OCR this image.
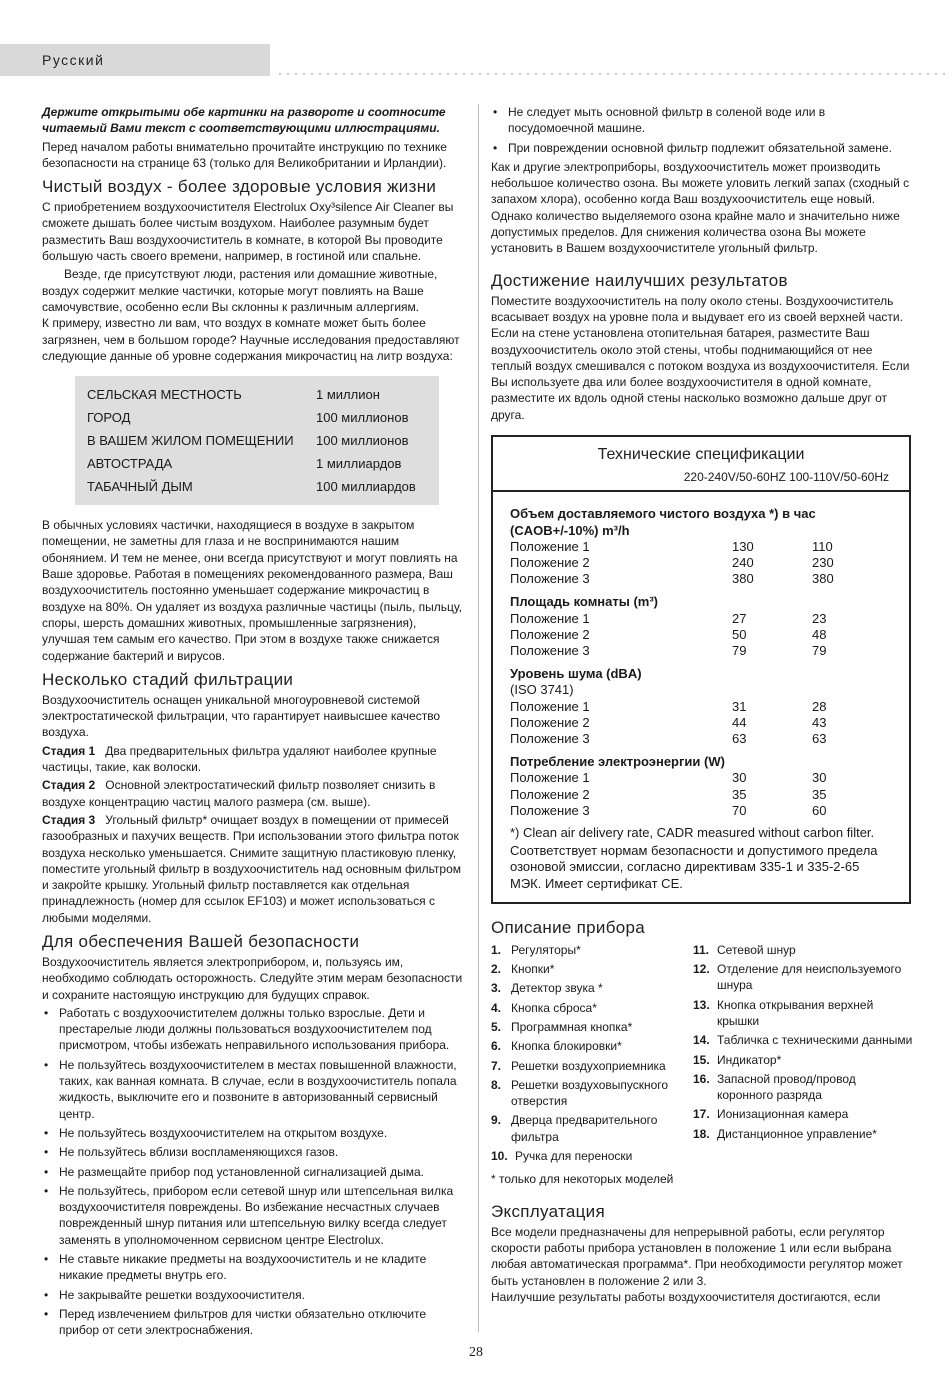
Русский

Держите открытыми обе картинки на развороте и соотносите читаемый Вами текст с соответствующими иллюстрациями.

Перед началом работы внимательно прочитайте инструкцию по технике безопасности на странице 63 (только для Великобритании и Ирландии).

Чистый воздух - более здоровые условия жизни

С приобретением воздухоочистителя Electrolux Oxy³silence Air Cleaner вы сможете дышать более чистым воздухом. Наиболее разумным будет разместить Ваш воздухоочиститель в комнате, в которой Вы проводите большую часть своего времени, например, в гостиной или спальне.

Везде, где присутствуют люди, растения или домашние животные, воздух содержит мелкие частички, которые могут повлиять на Ваше самочувствие, особенно если Вы склонны к различным аллергиям.

К примеру, известно ли вам, что воздух в комнате может быть более загрязнен, чем в большом городе? Научные исследования предоставляют следующие данные об уровне содержания микрочастиц на литр воздуха:

СЕЛЬСКАЯ МЕСТНОСТЬ	1 миллион
ГОРОД	100 миллионов
В ВАШЕМ ЖИЛОМ ПОМЕЩЕНИИ	100 миллионов
АВТОСТРАДА	1 миллиардов
ТАБАЧНЫЙ ДЫМ	100 миллиардов

В обычных условиях частички, находящиеся в воздухе в закрытом помещении, не заметны для глаза и не воспринимаются нашим обонянием. И тем не менее, они всегда присутствуют и могут повлиять на Ваше здоровье. Работая в помещениях рекомендованного размера, Ваш воздухоочиститель постоянно уменьшает содержание микрочастиц в воздухе на 80%. Он удаляет из воздуха различные частицы (пыль, пыльцу, споры, шерсть домашних животных, промышленные загрязнения), улучшая тем самым его качество. При этом в воздухе также снижается содержание бактерий и вирусов.

Несколько стадий фильтрации

Воздухоочиститель оснащен уникальной многоуровневой системой электростатической фильтрации, что гарантирует наивысшее качество воздуха.

Стадия 1 Два предварительных фильтра удаляют наиболее крупные частицы, такие, как волоски.

Стадия 2 Основной электростатический фильтр позволяет снизить в воздухе концентрацию частиц малого размера (см. выше).

Стадия 3 Угольный фильтр* очищает воздух в помещении от примесей газообразных и пахучих веществ. При использовании этого фильтра поток воздуха несколько уменьшается. Снимите защитную пластиковую пленку, поместите угольный фильтр в воздухоочиститель над основным фильтром и закройте крышку. Угольный фильтр поставляется как отдельная принадлежность (номер для ссылок EF103) и может использоваться с любыми моделями.

Для обеспечения Вашей безопасности

Воздухоочиститель является электроприбором, и, пользуясь им, необходимо соблюдать осторожность. Следуйте этим мерам безопасности и сохраните настоящую инструкцию для будущих справок.

• Работать с воздухоочистителем должны только взрослые. Дети и престарелые люди должны пользоваться воздухоочистителем под присмотром, чтобы избежать неправильного использования прибора.
• Не пользуйтесь воздухоочистителем в местах повышенной влажности, таких, как ванная комната. В случае, если в воздухоочиститель попала жидкость, выключите его и позвоните в авторизованный сервисный центр.
• Не пользуйтесь воздухоочистителем на открытом воздухе.
• Не пользуйтесь вблизи воспламеняющихся газов.
• Не размещайте прибор под установленной сигнализацией дыма.
• Не пользуйтесь, прибором если сетевой шнур или штепсельная вилка воздухоочистителя повреждены. Во избежание несчастных случаев поврежденный шнур питания или штепсельную вилку всегда следует заменять в уполномоченном сервисном центре Electrolux.
• Не ставьте никакие предметы на воздухоочиститель и не кладите никакие предметы внутрь его.
• Не закрывайте решетки воздухоочистителя.
• Перед извлечением фильтров для чистки обязательно отключите прибор от сети электроснабжения.
• Не следует мыть основной фильтр в соленой воде или в посудомоечной машине.
• При повреждении основной фильтр подлежит обязательной замене.

Как и другие электроприборы, воздухоочиститель может производить небольшое количество озона. Вы можете уловить легкий запах (сходный с запахом хлора), особенно когда Ваш воздухоочиститель еще новый. Однако количество выделяемого озона крайне мало и значительно ниже допустимых пределов. Для снижения количества озона Вы можете установить в Вашем воздухоочистителе угольный фильтр.

Достижение наилучших результатов

Поместите воздухоочиститель на полу около стены. Воздухоочиститель всасывает воздух на уровне пола и выдувает его из своей верхней части. Если на стене установлена отопительная батарея, разместите Ваш воздухоочиститель около этой стены, чтобы поднимающийся от нее теплый воздух смешивался с потоком воздуха из воздухоочистителя. Если Вы используете два или более воздухоочистителя в одной комнате, разместите их вдоль одной стены насколько возможно дальше друг от друга.

Технические спецификации
220-240V/50-60HZ 100-110V/50-60Hz
Объем доставляемого чистого воздуха *) в час (CAOB+/-10%) m³/h
Положение 1	130	110
Положение 2	240	230
Положение 3	380	380
Площадь комнаты (m³)
Положение 1	27	23
Положение 2	50	48
Положение 3	79	79
Уровень шума (dBA)
(ISO 3741)
Положение 1	31	28
Положение 2	44	43
Положение 3	63	63
Потребление электроэнергии (W)
Положение 1	30	30
Положение 2	35	35
Положение 3	70	60
*) Clean air delivery rate, CADR measured without carbon filter.
Соответствует нормам безопасности и допустимого предела озоновой эмиссии, согласно директивам 335-1 и 335-2-65 МЭК. Имеет сертификат CE.
Описание прибора
1. Регуляторы*
2. Кнопки*
3. Детектор звука *
4. Кнопка сброса*
5. Программная кнопка*
6. Кнопка блокировки*
7. Решетки воздухоприемника
8. Решетки воздуховыпускного отверстия
9. Дверца предварительного фильтра
10. Ручка для переноски
11. Сетевой шнур
12. Отделение для неиспользуемого шнура
13. Кнопка открывания верхней крышки
14. Табличка с техническими данными
15. Индикатор*
16. Запасной провод/провод коронного разряда
17. Ионизационная камера
18. Дистанционное управление*

* только для некоторых моделей

Эксплуатация

Все модели предназначены для непрерывной работы, если регулятор скорости работы прибора установлен в положение 1 или если выбрана любая автоматическая программа*. При необходимости регулятор может быть установлен в положение 2 или 3.

Наилучшие результаты работы воздухоочистителя достигаются, если

28
